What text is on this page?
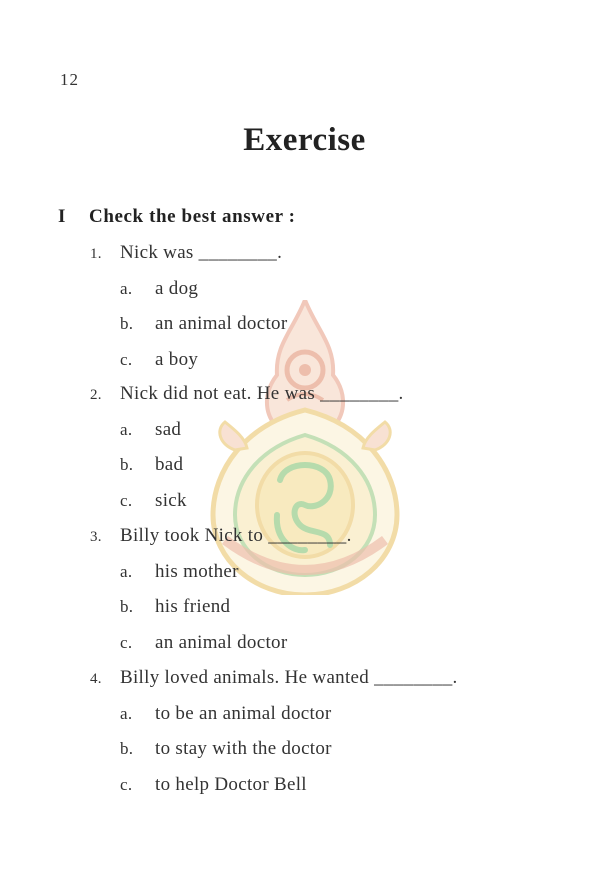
12
Exercise
I Check the best answer :
1. Nick was ________.
a. a dog
b. an animal doctor
c. a boy
2. Nick did not eat. He was ________.
a. sad
b. bad
c. sick
3. Billy took Nick to ________.
a. his mother
b. his friend
c. an animal doctor
4. Billy loved animals. He wanted ________.
a. to be an animal doctor
b. to stay with the doctor
c. to help Doctor Bell
